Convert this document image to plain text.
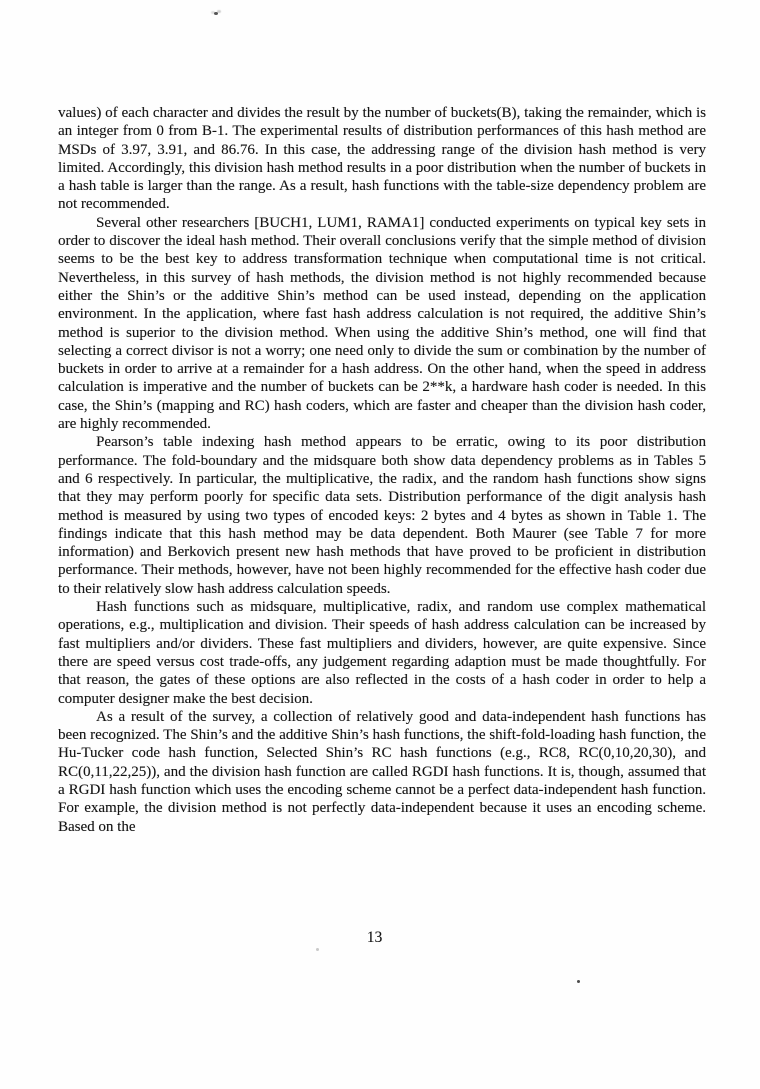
values) of each character and divides the result by the number of buckets(B), taking the remainder, which is an integer from 0 from B-1. The experimental results of distribution performances of this hash method are MSDs of 3.97, 3.91, and 86.76. In this case, the addressing range of the division hash method is very limited. Accordingly, this division hash method results in a poor distribution when the number of buckets in a hash table is larger than the range. As a result, hash functions with the table-size dependency problem are not recommended.

Several other researchers [BUCH1, LUM1, RAMA1] conducted experiments on typical key sets in order to discover the ideal hash method. Their overall conclusions verify that the simple method of division seems to be the best key to address transformation technique when computational time is not critical. Nevertheless, in this survey of hash methods, the division method is not highly recommended because either the Shin’s or the additive Shin’s method can be used instead, depending on the application environment. In the application, where fast hash address calculation is not required, the additive Shin’s method is superior to the division method. When using the additive Shin’s method, one will find that selecting a correct divisor is not a worry; one need only to divide the sum or combination by the number of buckets in order to arrive at a remainder for a hash address. On the other hand, when the speed in address calculation is imperative and the number of buckets can be 2**k, a hardware hash coder is needed. In this case, the Shin’s (mapping and RC) hash coders, which are faster and cheaper than the division hash coder, are highly recommended.

Pearson’s table indexing hash method appears to be erratic, owing to its poor distribution performance. The fold-boundary and the midsquare both show data dependency problems as in Tables 5 and 6 respectively. In particular, the multiplicative, the radix, and the random hash functions show signs that they may perform poorly for specific data sets. Distribution performance of the digit analysis hash method is measured by using two types of encoded keys: 2 bytes and 4 bytes as shown in Table 1. The findings indicate that this hash method may be data dependent. Both Maurer (see Table 7 for more information) and Berkovich present new hash methods that have proved to be proficient in distribution performance. Their methods, however, have not been highly recommended for the effective hash coder due to their relatively slow hash address calculation speeds.

Hash functions such as midsquare, multiplicative, radix, and random use complex mathematical operations, e.g., multiplication and division. Their speeds of hash address calculation can be increased by fast multipliers and/or dividers. These fast multipliers and dividers, however, are quite expensive. Since there are speed versus cost trade-offs, any judgement regarding adaption must be made thoughtfully. For that reason, the gates of these options are also reflected in the costs of a hash coder in order to help a computer designer make the best decision.

As a result of the survey, a collection of relatively good and data-independent hash functions has been recognized. The Shin’s and the additive Shin’s hash functions, the shift-fold-loading hash function, the Hu-Tucker code hash function, Selected Shin’s RC hash functions (e.g., RC8, RC(0,10,20,30), and RC(0,11,22,25)), and the division hash function are called RGDI hash functions. It is, though, assumed that a RGDI hash function which uses the encoding scheme cannot be a perfect data-independent hash function. For example, the division method is not perfectly data-independent because it uses an encoding scheme. Based on the

13
